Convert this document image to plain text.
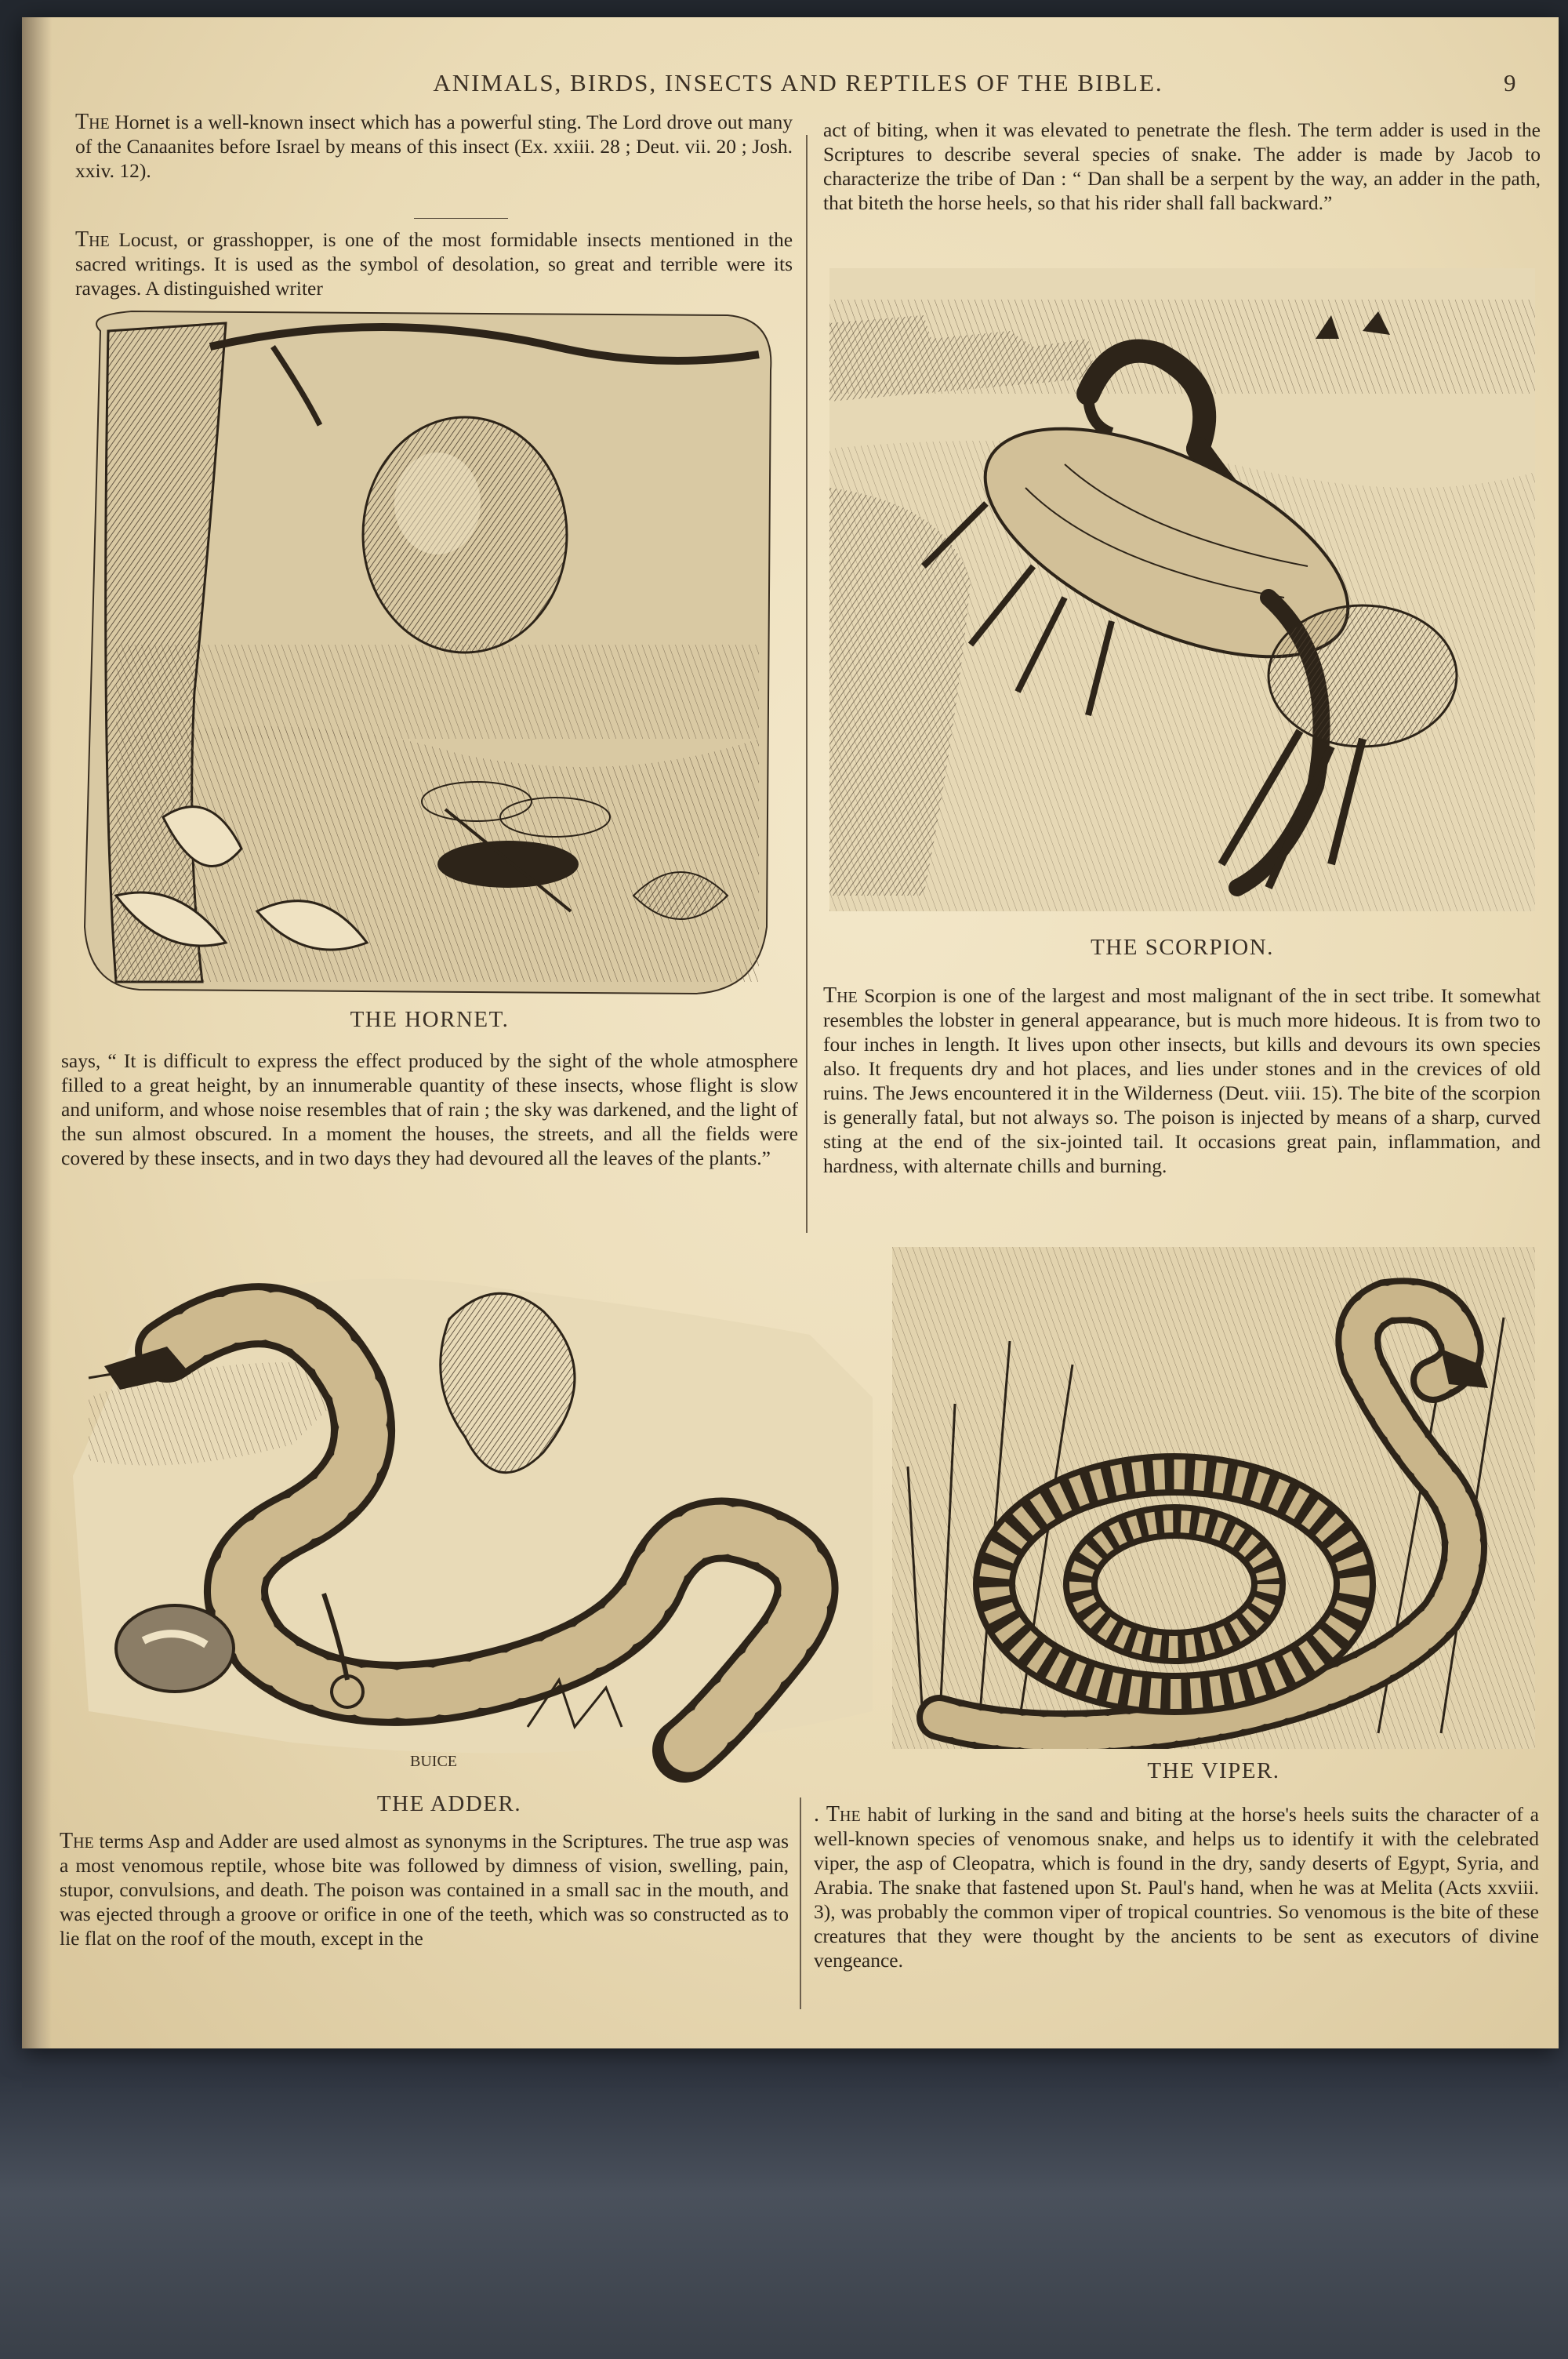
ANIMALS, BIRDS, INSECTS AND REPTILES OF THE BIBLE.	9

The Hornet is a well-known insect which has a powerful sting. The Lord drove out many of the Canaanites before Israel by means of this insect (Ex. xxiii. 28 ; Deut. vii. 20 ; Josh. xxiv. 12).

The Locust, or grasshopper, is one of the most formidable insects mentioned in the sacred writings. It is used as the symbol of desolation, so great and terrible were its ravages. A distinguished writer

THE HORNET.
says, “ It is difficult to express the effect produced by the sight of the whole atmosphere filled to a great height, by an innumerable quantity of these insects, whose flight is slow and uniform, and whose noise resembles that of rain ; the sky was darkened, and the light of the sun almost obscured. In a moment the houses, the streets, and all the fields were covered by these insects, and in two days they had devoured all the leaves of the plants.”
act of biting, when it was elevated to penetrate the flesh. The term adder is used in the Scriptures to describe several species of snake. The adder is made by Jacob to characterize the tribe of Dan : “ Dan shall be a serpent by the way, an adder in the path, that biteth the horse heels, so that his rider shall fall backward.”
THE SCORPION.

The Scorpion is one of the largest and most malignant of the in sect tribe. It somewhat resembles the lobster in general appearance, but is much more hideous. It is from two to four inches in length. It lives upon other insects, but kills and devours its own species also. It frequents dry and hot places, and lies under stones and in the crevices of old ruins. The Jews encountered it in the Wilderness (Deut. viii. 15). The bite of the scorpion is generally fatal, but not always so. The poison is injected by means of a sharp, curved sting at the end of the six-jointed tail. It occasions great pain, inflammation, and hardness, with alternate chills and burning.

BUICE
THE ADDER.

The terms Asp and Adder are used almost as synonyms in the Scriptures. The true asp was a most venomous reptile, whose bite was followed by dimness of vision, swelling, pain, stupor, convulsions, and death. The poison was contained in a small sac in the mouth, and was ejected through a groove or orifice in one of the teeth, which was so constructed as to lie flat on the roof of the mouth, except in the

THE VIPER.

. The habit of lurking in the sand and biting at the horse's heels suits the character of a well-known species of venomous snake, and helps us to identify it with the celebrated viper, the asp of Cleopatra, which is found in the dry, sandy deserts of Egypt, Syria, and Arabia. The snake that fastened upon St. Paul's hand, when he was at Melita (Acts xxviii. 3), was probably the common viper of tropical countries. So venomous is the bite of these creatures that they were thought by the ancients to be sent as executors of divine vengeance.
